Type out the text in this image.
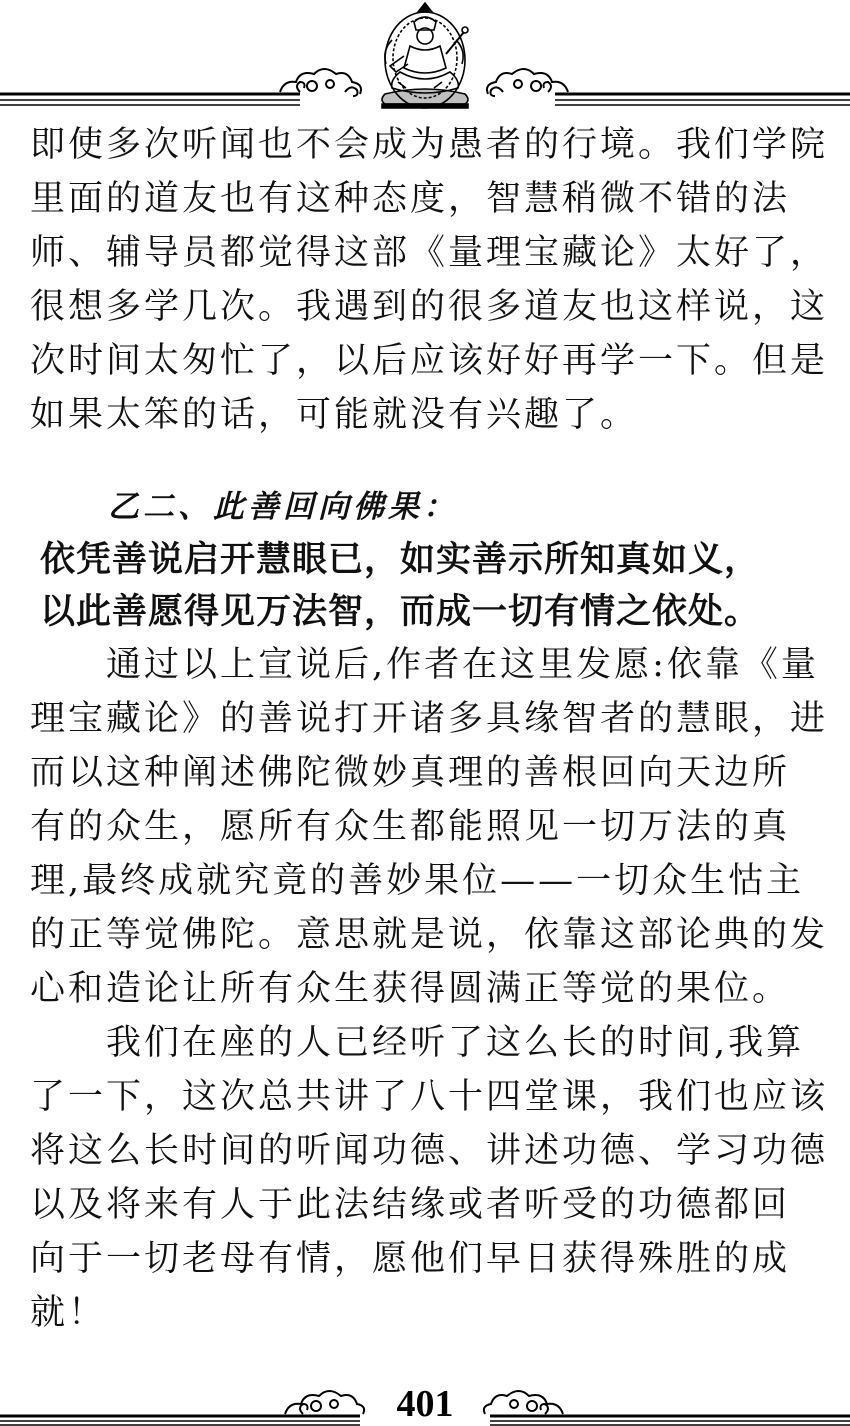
即使多次听闻也不会成为愚者的行境。我们学院
里面的道友也有这种态度，智慧稍微不错的法
师、辅导员都觉得这部《量理宝藏论》太好了，
很想多学几次。我遇到的很多道友也这样说，这
次时间太匆忙了，以后应该好好再学一下。但是
如果太笨的话，可能就没有兴趣了。

乙二、此善回向佛果：

依凭善说启开慧眼已，如实善示所知真如义，

以此善愿得见万法智，而成一切有情之依处。

通过以上宣说后,作者在这里发愿:依靠《量
理宝藏论》的善说打开诸多具缘智者的慧眼，进
而以这种阐述佛陀微妙真理的善根回向天边所
有的众生，愿所有众生都能照见一切万法的真
理,最终成就究竟的善妙果位——一切众生怙主
的正等觉佛陀。意思就是说，依靠这部论典的发
心和造论让所有众生获得圆满正等觉的果位。

我们在座的人已经听了这么长的时间,我算
了一下，这次总共讲了八十四堂课，我们也应该
将这么长时间的听闻功德、讲述功德、学习功德
以及将来有人于此法结缘或者听受的功德都回
向于一切老母有情，愿他们早日获得殊胜的成
就！

401
